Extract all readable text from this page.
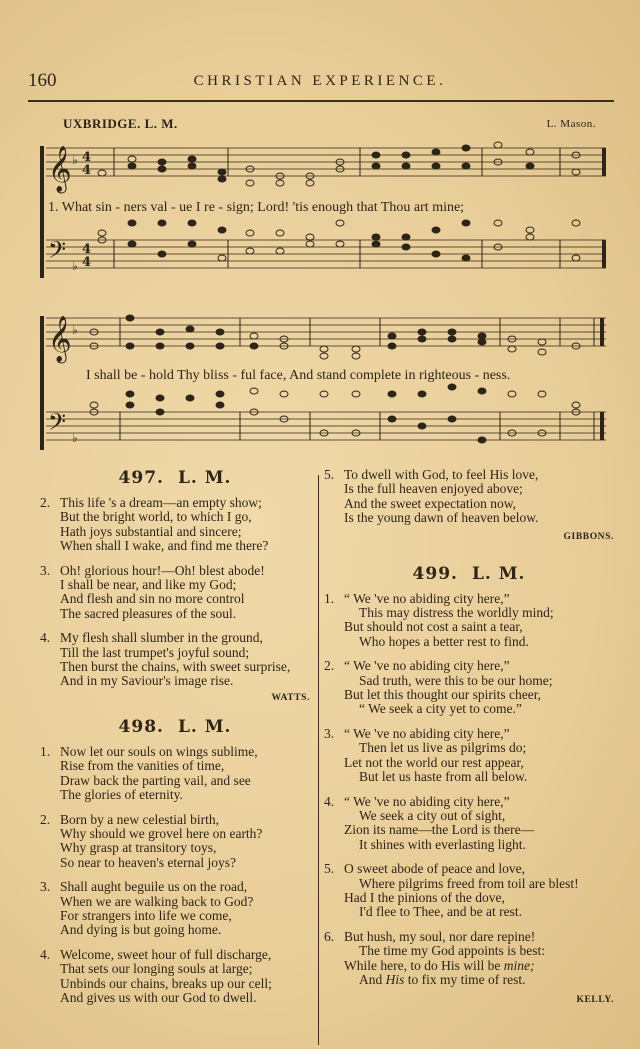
160	CHRISTIAN EXPERIENCE.
UXBRIDGE. L. M.	L. Mason.
𝄞 ♭ 4
4
𝄢 ♭
4
4
1. What sin - ners val - ue I re - sign; Lord! 'tis enough that Thou art mine;
𝄞 ♭
𝄢 ♭
I shall be - hold Thy bliss - ful face, And stand complete in righteous - ness.
497. L. M.
2. This life 's a dream—an empty show;
But the bright world, to which I go,
Hath joys substantial and sincere;
When shall I wake, and find me there?
3. Oh! glorious hour!—Oh! blest abode!
I shall be near, and like my God;
And flesh and sin no more control
The sacred pleasures of the soul.
4. My flesh shall slumber in the ground,
Till the last trumpet's joyful sound;
Then burst the chains, with sweet surprise,
And in my Saviour's image rise.
WATTS.
498. L. M.
1. Now let our souls on wings sublime,
Rise from the vanities of time,
Draw back the parting vail, and see
The glories of eternity.
2. Born by a new celestial birth,
Why should we grovel here on earth?
Why grasp at transitory toys,
So near to heaven's eternal joys?
3. Shall aught beguile us on the road,
When we are walking back to God?
For strangers into life we come,
And dying is but going home.
4. Welcome, sweet hour of full discharge,
That sets our longing souls at large;
Unbinds our chains, breaks up our cell;
And gives us with our God to dwell.
5. To dwell with God, to feel His love,
Is the full heaven enjoyed above;
And the sweet expectation now,
Is the young dawn of heaven below.
GIBBONS.
499. L. M.
1. “ We 've no abiding city here,”
This may distress the worldly mind;
But should not cost a saint a tear,
Who hopes a better rest to find.
2. “ We 've no abiding city here,”
Sad truth, were this to be our home;
But let this thought our spirits cheer,
“ We seek a city yet to come.”
3. “ We 've no abiding city here,”
Then let us live as pilgrims do;
Let not the world our rest appear,
But let us haste from all below.
4. “ We 've no abiding city here,”
We seek a city out of sight,
Zion its name—the Lord is there—
It shines with everlasting light.
5. O sweet abode of peace and love,
Where pilgrims freed from toil are blest!
Had I the pinions of the dove,
I'd flee to Thee, and be at rest.
6. But hush, my soul, nor dare repine!
The time my God appoints is best:
While here, to do His will be mine;
And His to fix my time of rest.
KELLY.
